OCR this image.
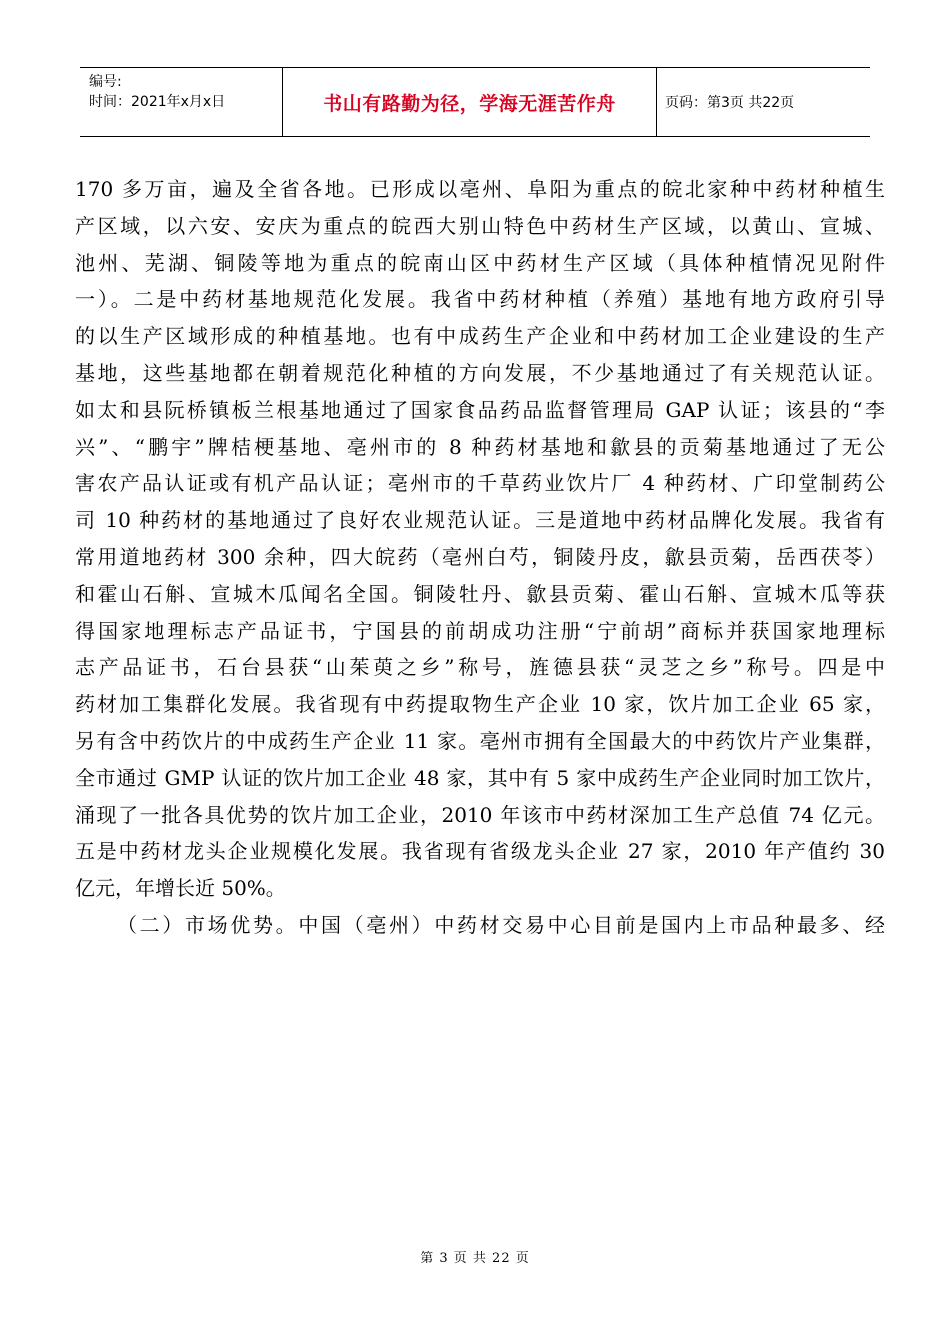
编号:
时间：2021年x月x日	书山有路勤为径，学海无涯苦作舟	页码：第3页 共22页
170 多万亩，遍及全省各地。已形成以亳州、阜阳为重点的皖北家种中药材种植生
产区域，以六安、安庆为重点的皖西大别山特色中药材生产区域，以黄山、宣城、
池州、芜湖、铜陵等地为重点的皖南山区中药材生产区域（具体种植情况见附件
一）。二是中药材基地规范化发展。我省中药材种植（养殖）基地有地方政府引导
的以生产区域形成的种植基地。也有中成药生产企业和中药材加工企业建设的生产
基地，这些基地都在朝着规范化种植的方向发展，不少基地通过了有关规范认证。
如太和县阮桥镇板兰根基地通过了国家食品药品监督管理局 GAP 认证；该县的“李
兴”、“鹏宇”牌桔梗基地、亳州市的 8 种药材基地和歙县的贡菊基地通过了无公
害农产品认证或有机产品认证；亳州市的千草药业饮片厂 4 种药材、广印堂制药公
司 10 种药材的基地通过了良好农业规范认证。三是道地中药材品牌化发展。我省有
常用道地药材 300 余种，四大皖药（亳州白芍，铜陵丹皮，歙县贡菊，岳西茯苓）
和霍山石斛、宣城木瓜闻名全国。铜陵牡丹、歙县贡菊、霍山石斛、宣城木瓜等获
得国家地理标志产品证书，宁国县的前胡成功注册“宁前胡”商标并获国家地理标
志产品证书，石台县获“山茱萸之乡”称号，旌德县获“灵芝之乡”称号。四是中
药材加工集群化发展。我省现有中药提取物生产企业 10 家，饮片加工企业 65 家，
另有含中药饮片的中成药生产企业 11 家。亳州市拥有全国最大的中药饮片产业集群，
全市通过 GMP 认证的饮片加工企业 48 家，其中有 5 家中成药生产企业同时加工饮片，
涌现了一批各具优势的饮片加工企业，2010 年该市中药材深加工生产总值 74 亿元。
五是中药材龙头企业规模化发展。我省现有省级龙头企业 27 家，2010 年产值约 30
亿元，年增长近 50%。
（二）市场优势。中国（亳州）中药材交易中心目前是国内上市品种最多、经
第 3 页 共 22 页
